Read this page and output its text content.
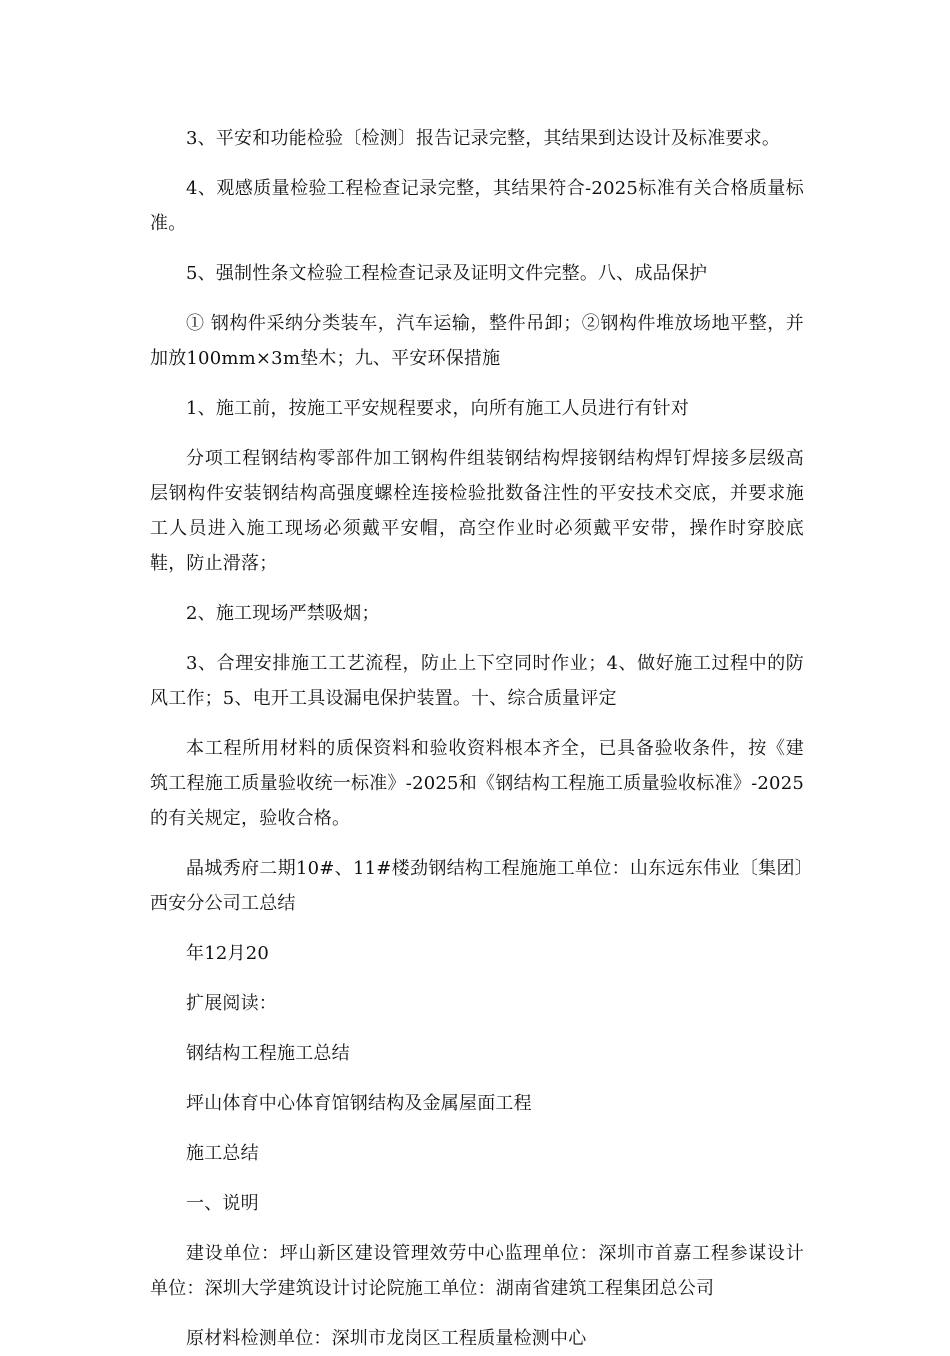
3、平安和功能检验〔检测〕报告记录完整，其结果到达设计及标准要求。

4、观感质量检验工程检查记录完整，其结果符合-2025标准有关合格质量标准。

5、强制性条文检验工程检查记录及证明文件完整。八、成品保护

① 钢构件采纳分类装车，汽车运输，整件吊卸；②钢构件堆放场地平整，并加放100mm×3m垫木；九、平安环保措施

1、施工前，按施工平安规程要求，向所有施工人员进行有针对

分项工程钢结构零部件加工钢构件组装钢结构焊接钢结构焊钉焊接多层级高层钢构件安装钢结构高强度螺栓连接检验批数备注性的平安技术交底，并要求施工人员进入施工现场必须戴平安帽，高空作业时必须戴平安带，操作时穿胶底鞋，防止滑落；

2、施工现场严禁吸烟；

3、合理安排施工工艺流程，防止上下空同时作业；4、做好施工过程中的防风工作；5、电开工具设漏电保护装置。十、综合质量评定

本工程所用材料的质保资料和验收资料根本齐全，已具备验收条件，按《建筑工程施工质量验收统一标准》-2025和《钢结构工程施工质量验收标准》-2025的有关规定，验收合格。

晶城秀府二期10#、11#楼劲钢结构工程施施工单位：山东远东伟业〔集团〕西安分公司工总结

年12月20

扩展阅读：

钢结构工程施工总结

坪山体育中心体育馆钢结构及金属屋面工程

施工总结

一、说明

建设单位：坪山新区建设管理效劳中心监理单位：深圳市首嘉工程参谋设计单位：深圳大学建筑设计讨论院施工单位：湖南省建筑工程集团总公司

原材料检测单位：深圳市龙岗区工程质量检测中心
